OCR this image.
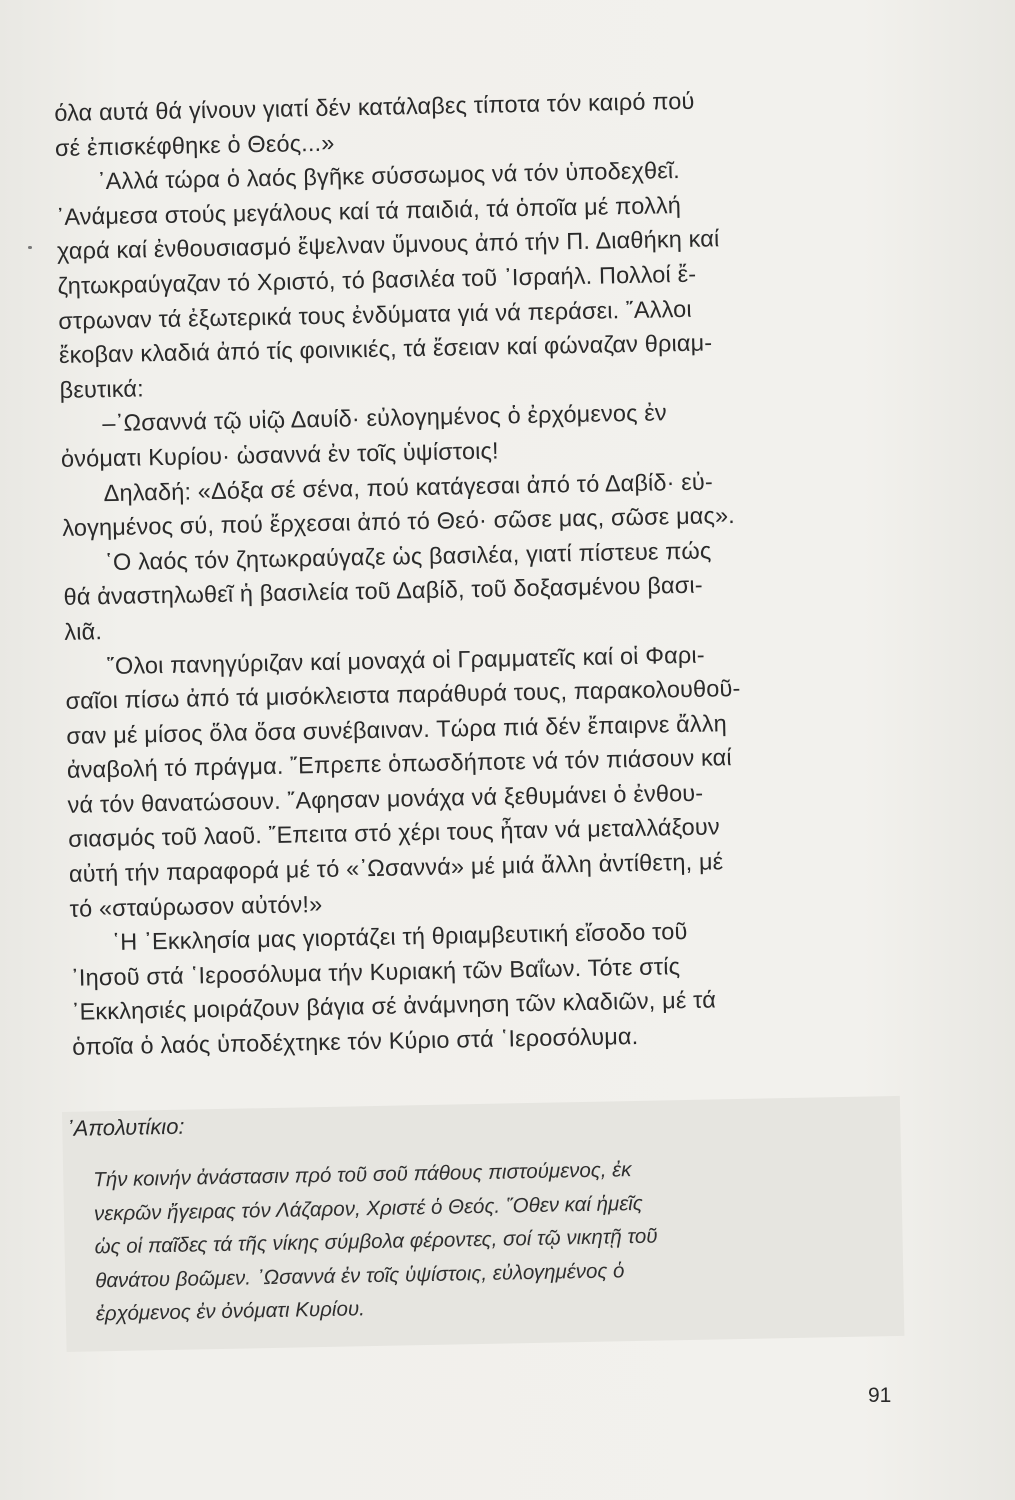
όλα αυτά θά γίνουν γιατί δέν κατάλαβες τίποτα τόν καιρό πού
σέ ἐπισκέφθηκε ὁ Θεός...»
᾿Αλλά τώρα ὁ λαός βγῆκε σύσσωμος νά τόν ὑποδεχθεῖ.
᾿Ανάμεσα στούς μεγάλους καί τά παιδιά, τά ὁποῖα μέ πολλή
χαρά καί ἐνθουσιασμό ἔψελναν ὕμνους ἀπό τήν Π. Διαθήκη καί
ζητωκραύγαζαν τό Χριστό, τό βασιλέα τοῦ ᾿Ισραήλ. Πολλοί ἔ-
στρωναν τά ἐξωτερικά τους ἐνδύματα γιά νά περάσει. ῎Αλλοι
ἔκοβαν κλαδιά ἀπό τίς φοινικιές, τά ἔσειαν καί φώναζαν θριαμ-
βευτικά:
–᾿Ωσαννά τῷ υἱῷ Δαυίδ· εὐλογημένος ὁ ἐρχόμενος ἐν
ὀνόματι Κυρίου· ὡσαννά ἐν τοῖς ὑψίστοις!
Δηλαδή: «Δόξα σέ σένα, πού κατάγεσαι ἀπό τό Δαβίδ· εὐ-
λογημένος σύ, πού ἔρχεσαι ἀπό τό Θεό· σῶσε μας, σῶσε μας».
῾Ο λαός τόν ζητωκραύγαζε ὡς βασιλέα, γιατί πίστευε πώς
θά ἀναστηλωθεῖ ἡ βασιλεία τοῦ Δαβίδ, τοῦ δοξασμένου βασι-
λιᾶ.
῞Ολοι πανηγύριζαν καί μοναχά οἱ Γραμματεῖς καί οἱ Φαρι-
σαῖοι πίσω ἀπό τά μισόκλειστα παράθυρά τους, παρακολουθοῦ-
σαν μέ μίσος ὅλα ὅσα συνέβαιναν. Τώρα πιά δέν ἔπαιρνε ἄλλη
ἀναβολή τό πράγμα. ῎Επρεπε ὁπωσδήποτε νά τόν πιάσουν καί
νά τόν θανατώσουν. ῎Αφησαν μονάχα νά ξεθυμάνει ὁ ἐνθου-
σιασμός τοῦ λαοῦ. ῎Επειτα στό χέρι τους ἦταν νά μεταλλάξουν
αὐτή τήν παραφορά μέ τό «᾿Ωσαννά» μέ μιά ἄλλη ἀντίθετη, μέ
τό «σταύρωσον αὐτόν!»
῾Η ᾿Εκκλησία μας γιορτάζει τή θριαμβευτική εἴσοδο τοῦ
᾿Ιησοῦ στά ῾Ιεροσόλυμα τήν Κυριακή τῶν Βαΐων. Τότε στίς
᾿Εκκλησιές μοιράζουν βάγια σέ ἀνάμνηση τῶν κλαδιῶν, μέ τά
ὁποῖα ὁ λαός ὑποδέχτηκε τόν Κύριο στά ῾Ιεροσόλυμα.
᾿Απολυτίκιο:
Τήν κοινήν ἀνάστασιν πρό τοῦ σοῦ πάθους πιστούμενος, ἐκ
νεκρῶν ἤγειρας τόν Λάζαρον, Χριστέ ὁ Θεός. ῞Οθεν καί ἡμεῖς
ὡς οἱ παῖδες τά τῆς νίκης σύμβολα φέροντες, σοί τῷ νικητῇ τοῦ
θανάτου βοῶμεν. ᾿Ωσαννά ἐν τοῖς ὑψίστοις, εὐλογημένος ὁ
ἐρχόμενος ἐν ὀνόματι Κυρίου.
91
